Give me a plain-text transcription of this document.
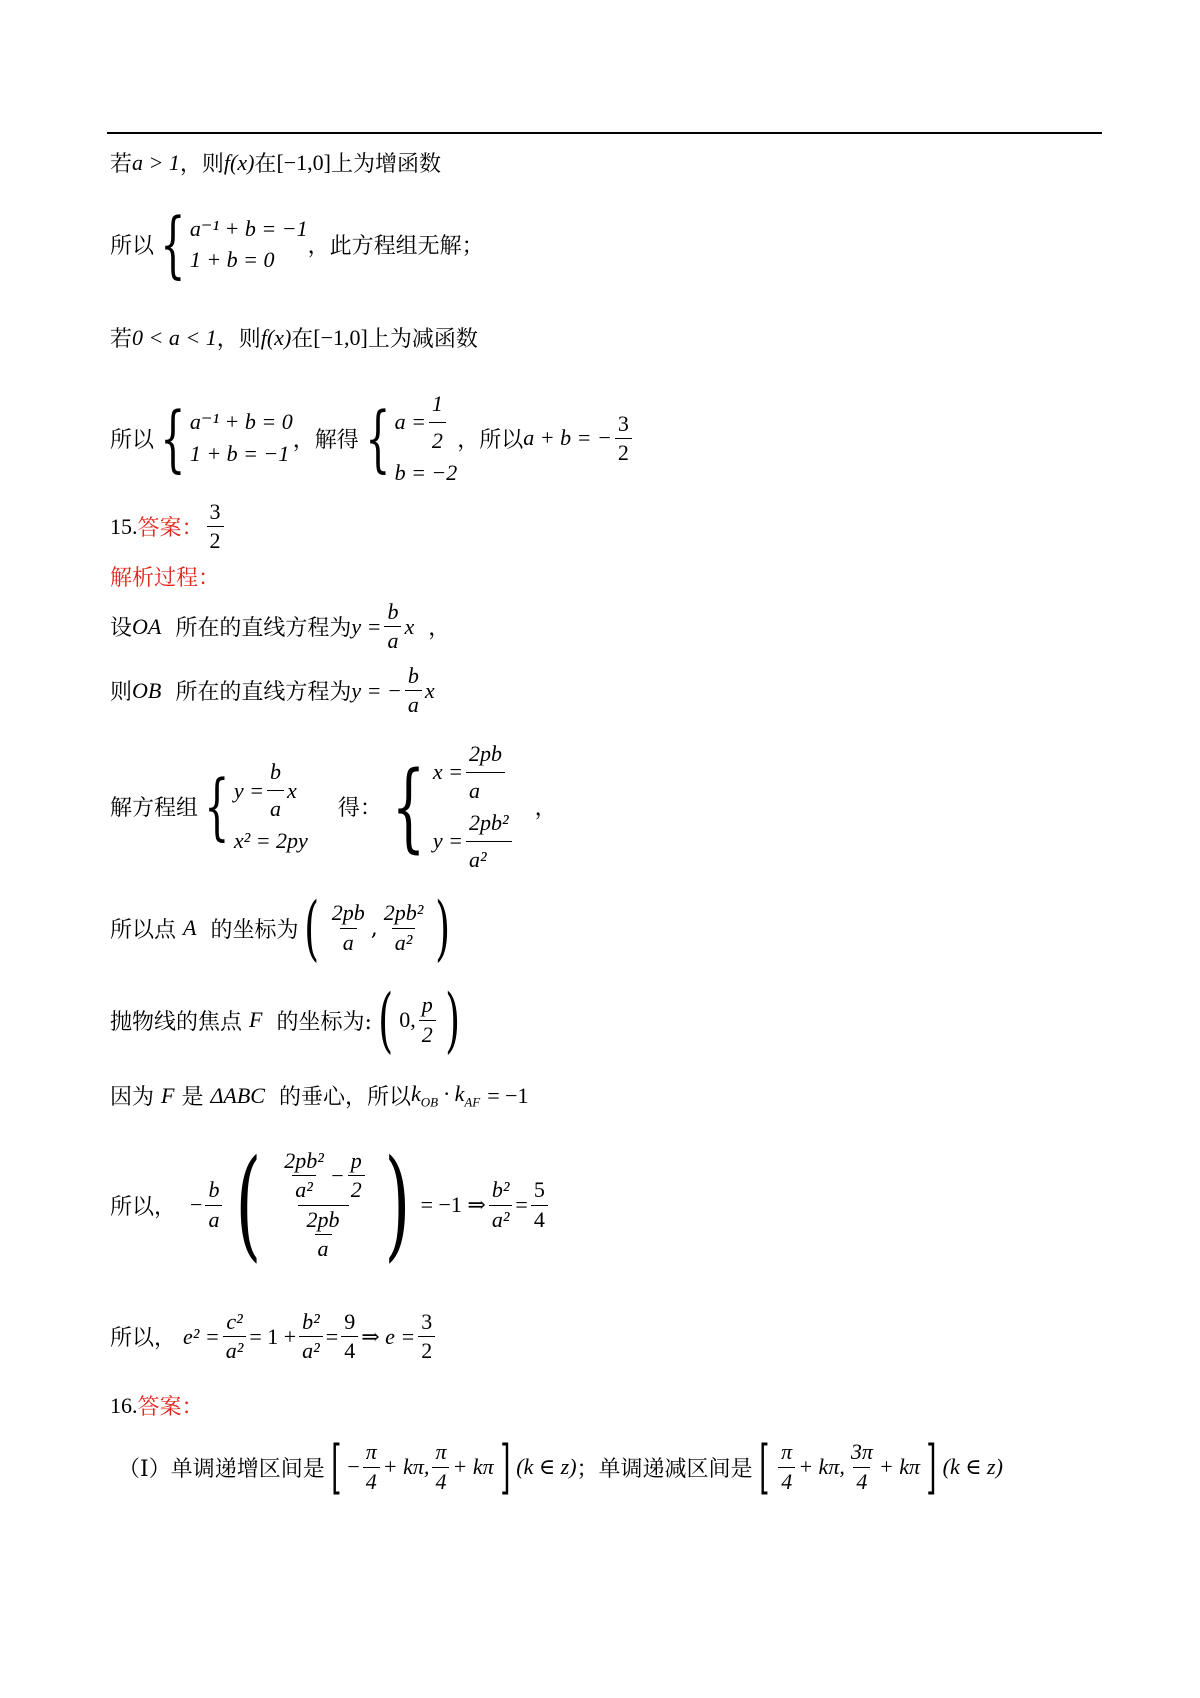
若 a > 1 ，则 f(x) 在 [−1,0] 上为增函数
所以 { a⁻¹ + b = −1
1 + b = 0
，此方程组无解；
若 0 < a < 1 ，则 f(x) 在 [−1,0] 上为减函数
所以 { a⁻¹ + b = 0
1 + b = −1
，解得 { $a = \frac{1}{2}$
b = −2
，所以 a + b = − $\frac{3}{2}$
15. 答案： $\frac{3}{2}$
解析过程：
设 OA
所在的直线方程为 $y = \frac{b}{a}$ x
，
则 OB
所在的直线方程为 y = − $\frac{b}{a}$ x
解方程组 { $y = \frac{b}{a}$ x
x² = 2py
得： { $x = \frac{2pb}{a}$
$y = \frac{\text{2pb²}}{\text{a²}}$ ，
所以点
A
的坐标为 ( $\frac{2pb}{a}$ , $\frac{\text{2pb²}}{\text{a²}}$ )
抛物线的焦点
F
的坐标为: ( 0, $\frac{p}{2}$ )
因为
F
是
ΔABC
的垂心，所以 $k_{OB} \cdot k_{AF}$
= −1
所以，
− $\frac{b}{a}$ ( $\frac{\frac{\text{2pb²}}{\text{a²}} - \frac{p}{2}}{\frac{2pb}{a}}$ ) = −1 ⇒ $\frac{\text{b²}}{\text{a²}} = \frac{5}{4}$
所以，
$e^2 = \frac{\text{c²}}{\text{a²}} = 1 + \frac{\text{b²}}{\text{a²}} = \frac{9}{4}$ ⇒ $e = \frac{3}{2}$
16. 答案：
（I）单调递增区间是 [ − $\frac{\pi}{4} + k\pi$, $\frac{\pi}{4} + k\pi$ ] (k ∈ z) ；单调递减区间是 [ $\frac{\pi}{4} + k\pi$, $\frac{3\pi}{4} + k\pi$ ] (k ∈ z)
